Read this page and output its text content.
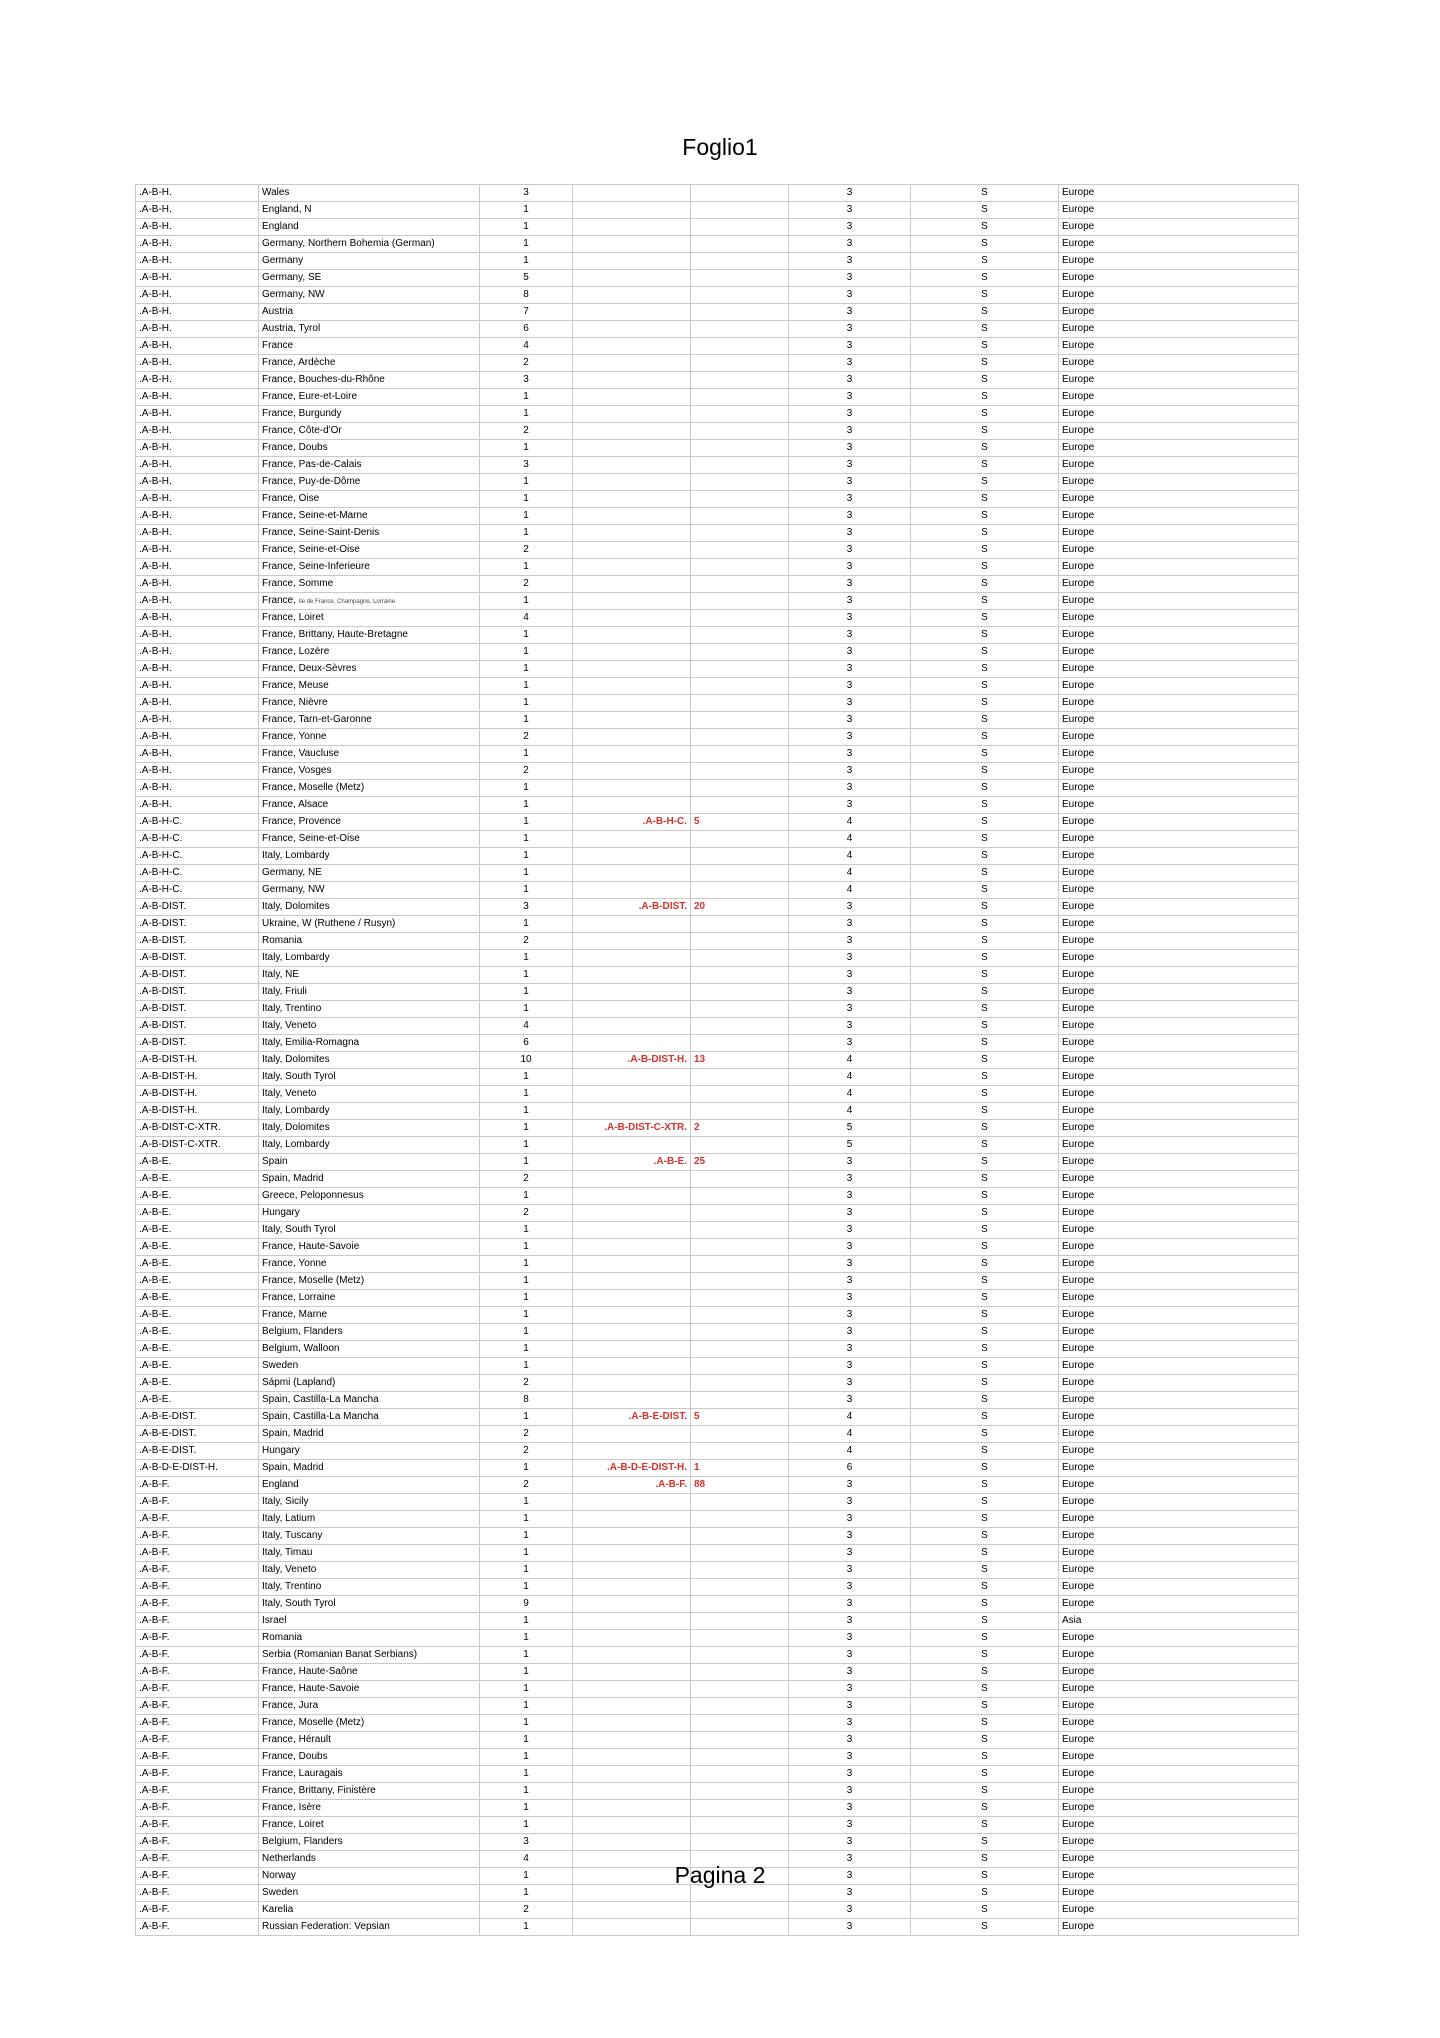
Foglio1
.A-B-H.	Wales	3			3	S	Europe
.A-B-H.	England, N	1			3	S	Europe
.A-B-H.	England	1			3	S	Europe
.A-B-H.	Germany, Northern Bohemia (German)	1			3	S	Europe
.A-B-H.	Germany	1			3	S	Europe
.A-B-H.	Germany, SE	5			3	S	Europe
.A-B-H.	Germany, NW	8			3	S	Europe
.A-B-H.	Austria	7			3	S	Europe
.A-B-H.	Austria, Tyrol	6			3	S	Europe
.A-B-H.	France	4			3	S	Europe
.A-B-H.	France, Ardèche	2			3	S	Europe
.A-B-H.	France, Bouches-du-Rhône	3			3	S	Europe
.A-B-H.	France, Eure-et-Loire	1			3	S	Europe
.A-B-H.	France, Burgundy	1			3	S	Europe
.A-B-H.	France, Côte-d'Or	2			3	S	Europe
.A-B-H.	France, Doubs	1			3	S	Europe
.A-B-H.	France, Pas-de-Calais	3			3	S	Europe
.A-B-H.	France, Puy-de-Dôme	1			3	S	Europe
.A-B-H.	France, Oise	1			3	S	Europe
.A-B-H.	France, Seine-et-Marne	1			3	S	Europe
.A-B-H.	France, Seine-Saint-Denis	1			3	S	Europe
.A-B-H.	France, Seine-et-Oise	2			3	S	Europe
.A-B-H.	France, Seine-Inferieure	1			3	S	Europe
.A-B-H.	France, Somme	2			3	S	Europe
.A-B-H.	France, Ile de France, Champagne, Lorraine	1			3	S	Europe
.A-B-H.	France, Loiret	4			3	S	Europe
.A-B-H.	France, Brittany, Haute-Bretagne	1			3	S	Europe
.A-B-H.	France, Lozère	1			3	S	Europe
.A-B-H.	France, Deux-Sèvres	1			3	S	Europe
.A-B-H.	France, Meuse	1			3	S	Europe
.A-B-H.	France, Nièvre	1			3	S	Europe
.A-B-H.	France, Tarn-et-Garonne	1			3	S	Europe
.A-B-H.	France, Yonne	2			3	S	Europe
.A-B-H.	France, Vaucluse	1			3	S	Europe
.A-B-H.	France, Vosges	2			3	S	Europe
.A-B-H.	France, Moselle (Metz)	1			3	S	Europe
.A-B-H.	France, Alsace	1			3	S	Europe
.A-B-H-C.	France, Provence	1	.A-B-H-C.	5	4	S	Europe
.A-B-H-C.	France, Seine-et-Oise	1			4	S	Europe
.A-B-H-C.	Italy, Lombardy	1			4	S	Europe
.A-B-H-C.	Germany, NE	1			4	S	Europe
.A-B-H-C.	Germany, NW	1			4	S	Europe
.A-B-DIST.	Italy, Dolomites	3	.A-B-DIST.	20	3	S	Europe
.A-B-DIST.	Ukraine, W (Ruthene / Rusyn)	1			3	S	Europe
.A-B-DIST.	Romania	2			3	S	Europe
.A-B-DIST.	Italy, Lombardy	1			3	S	Europe
.A-B-DIST.	Italy, NE	1			3	S	Europe
.A-B-DIST.	Italy, Friuli	1			3	S	Europe
.A-B-DIST.	Italy, Trentino	1			3	S	Europe
.A-B-DIST.	Italy, Veneto	4			3	S	Europe
.A-B-DIST.	Italy, Emilia-Romagna	6			3	S	Europe
.A-B-DIST-H.	Italy, Dolomites	10	.A-B-DIST-H.	13	4	S	Europe
.A-B-DIST-H.	Italy, South Tyrol	1			4	S	Europe
.A-B-DIST-H.	Italy, Veneto	1			4	S	Europe
.A-B-DIST-H.	Italy, Lombardy	1			4	S	Europe
.A-B-DIST-C-XTR.	Italy, Dolomites	1	.A-B-DIST-C-XTR.	2	5	S	Europe
.A-B-DIST-C-XTR.	Italy, Lombardy	1			5	S	Europe
.A-B-E.	Spain	1	.A-B-E.	25	3	S	Europe
.A-B-E.	Spain, Madrid	2			3	S	Europe
.A-B-E.	Greece, Peloponnesus	1			3	S	Europe
.A-B-E.	Hungary	2			3	S	Europe
.A-B-E.	Italy, South Tyrol	1			3	S	Europe
.A-B-E.	France, Haute-Savoie	1			3	S	Europe
.A-B-E.	France, Yonne	1			3	S	Europe
.A-B-E.	France, Moselle (Metz)	1			3	S	Europe
.A-B-E.	France, Lorraine	1			3	S	Europe
.A-B-E.	France, Marne	1			3	S	Europe
.A-B-E.	Belgium, Flanders	1			3	S	Europe
.A-B-E.	Belgium, Walloon	1			3	S	Europe
.A-B-E.	Sweden	1			3	S	Europe
.A-B-E.	Sápmi (Lapland)	2			3	S	Europe
.A-B-E.	Spain, Castilla-La Mancha	8			3	S	Europe
.A-B-E-DIST.	Spain, Castilla-La Mancha	1	.A-B-E-DIST.	5	4	S	Europe
.A-B-E-DIST.	Spain, Madrid	2			4	S	Europe
.A-B-E-DIST.	Hungary	2			4	S	Europe
.A-B-D-E-DIST-H.	Spain, Madrid	1	.A-B-D-E-DIST-H.	1	6	S	Europe
.A-B-F.	England	2	.A-B-F.	88	3	S	Europe
.A-B-F.	Italy, Sicily	1			3	S	Europe
.A-B-F.	Italy, Latium	1			3	S	Europe
.A-B-F.	Italy, Tuscany	1			3	S	Europe
.A-B-F.	Italy, Timau	1			3	S	Europe
.A-B-F.	Italy, Veneto	1			3	S	Europe
.A-B-F.	Italy, Trentino	1			3	S	Europe
.A-B-F.	Italy, South Tyrol	9			3	S	Europe
.A-B-F.	Israel	1			3	S	Asia
.A-B-F.	Romania	1			3	S	Europe
.A-B-F.	Serbia (Romanian Banat Serbians)	1			3	S	Europe
.A-B-F.	France, Haute-Saône	1			3	S	Europe
.A-B-F.	France, Haute-Savoie	1			3	S	Europe
.A-B-F.	France, Jura	1			3	S	Europe
.A-B-F.	France, Moselle (Metz)	1			3	S	Europe
.A-B-F.	France, Hérault	1			3	S	Europe
.A-B-F.	France, Doubs	1			3	S	Europe
.A-B-F.	France, Lauragais	1			3	S	Europe
.A-B-F.	France, Brittany, Finistère	1			3	S	Europe
.A-B-F.	France, Isère	1			3	S	Europe
.A-B-F.	France, Loiret	1			3	S	Europe
.A-B-F.	Belgium, Flanders	3			3	S	Europe
.A-B-F.	Netherlands	4			3	S	Europe
.A-B-F.	Norway	1			3	S	Europe
.A-B-F.	Sweden	1			3	S	Europe
.A-B-F.	Karelia	2			3	S	Europe
.A-B-F.	Russian Federation: Vepsian	1			3	S	Europe
Pagina 2
